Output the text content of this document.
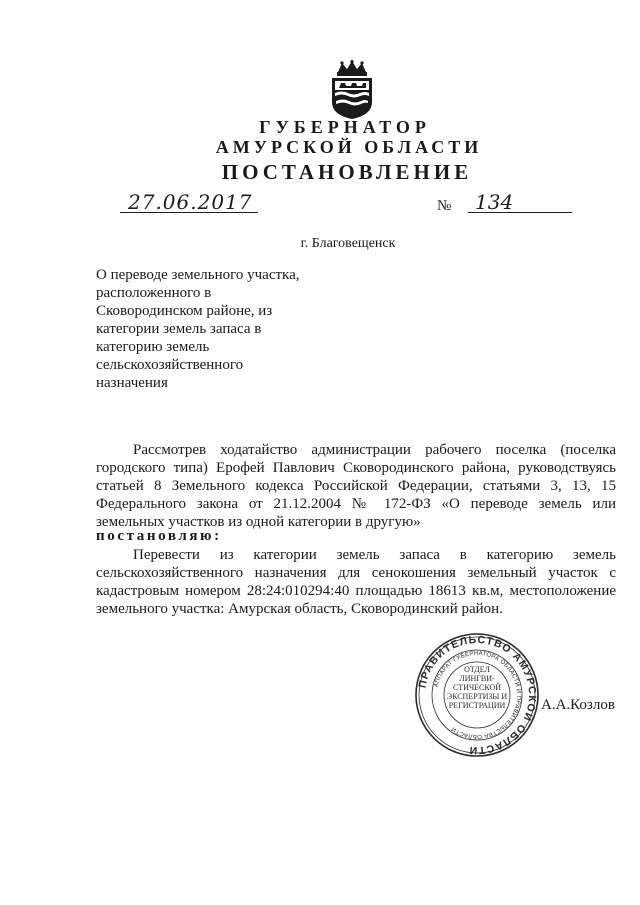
ГУБЕРНАТОР
АМУРСКОЙ ОБЛАСТИ
ПОСТАНОВЛЕНИЕ
27.06.2017	№ 134
г. Благовещенск
О переводе земельного участка,
расположенного в
Сковородинском районе, из
категории земель запаса в
категорию земель
сельскохозяйственного
назначения
Рассмотрев ходатайство администрации рабочего поселка (поселка
городского типа) Ерофей Павлович Сковородинского района, руководствуясь
статьей 8 Земельного кодекса Российской Федерации, статьями 3, 13, 15
Федерального закона от 21.12.2004 № 172-ФЗ «О переводе земель или
земельных участков из одной категории в другую»
постановляю:
Перевести из категории земель запаса в категорию земель
сельскохозяйственного назначения для сенокошения земельный участок с
кадастровым номером 28:24:010294:40 площадью 18613 кв.м, местоположение
земельного участка: Амурская область, Сковородинский район.
ПРАВИТЕЛЬСТВО АМУРСКОЙ ОБЛАСТИ
АППАРАТ ГУБЕРНАТОРА ОБЛАСТИ И ПРАВИТЕЛЬСТВА ОБЛАСТИ
ОТДЕЛ
ЛИНГВИ-
СТИЧЕСКОЙ
ЭКСПЕРТИЗЫ И
РЕГИСТРАЦИИ А.А.Козлов
